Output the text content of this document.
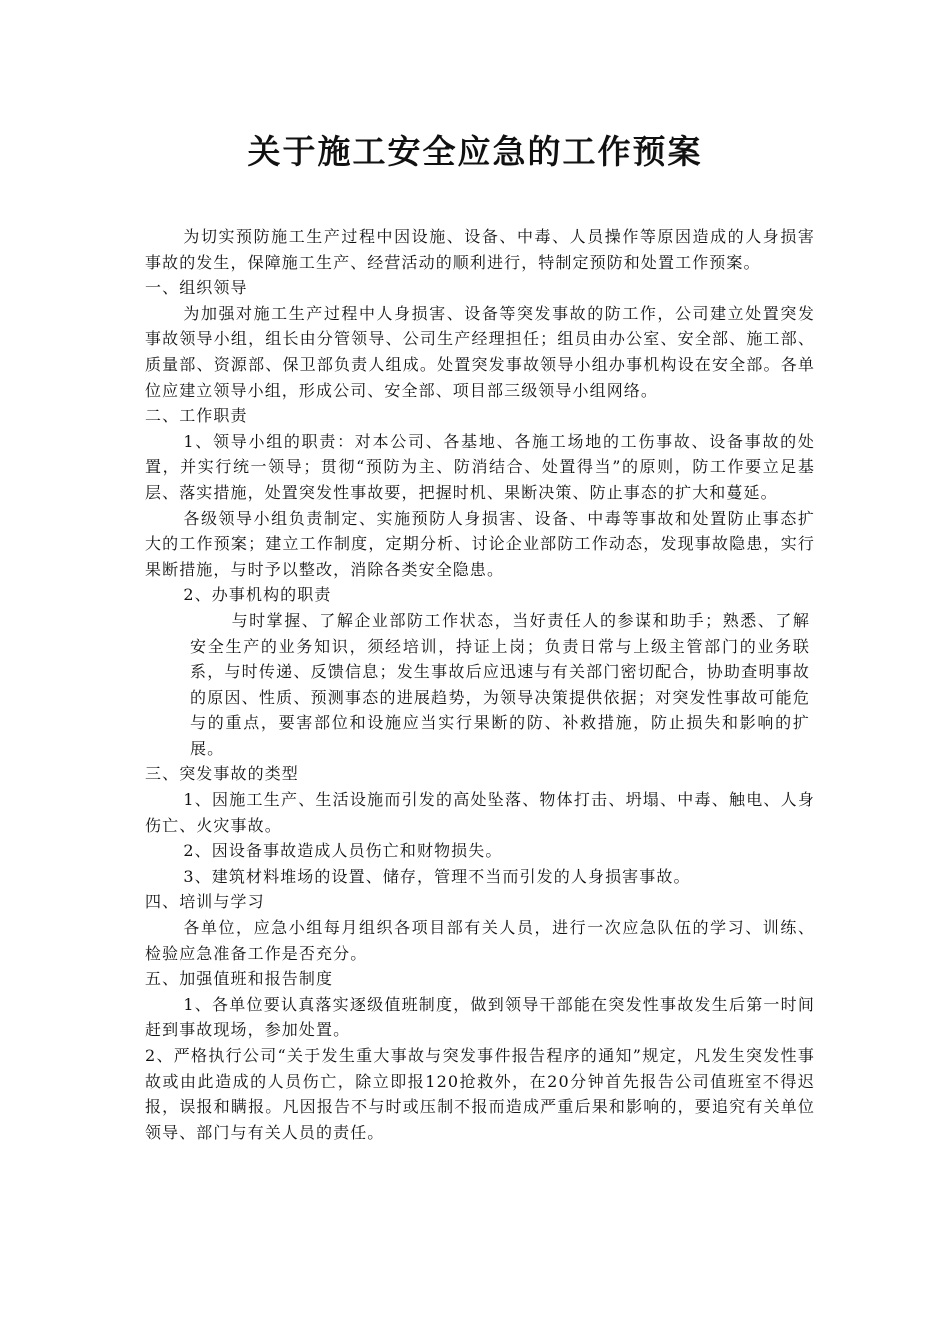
关于施工安全应急的工作预案

为切实预防施工生产过程中因设施、设备、中毒、人员操作等原因造成的人身损害事故的发生，保障施工生产、经营活动的顺利进行，特制定预防和处置工作预案。

一、组织领导

为加强对施工生产过程中人身损害、设备等突发事故的防工作，公司建立处置突发事故领导小组，组长由分管领导、公司生产经理担任；组员由办公室、安全部、施工部、质量部、资源部、保卫部负责人组成。处置突发事故领导小组办事机构设在安全部。各单位应建立领导小组，形成公司、安全部、项目部三级领导小组网络。

二、工作职责

1、领导小组的职责：对本公司、各基地、各施工场地的工伤事故、设备事故的处置，并实行统一领导；贯彻“预防为主、防消结合、处置得当”的原则，防工作要立足基层、落实措施，处置突发性事故要，把握时机、果断决策、防止事态的扩大和蔓延。

各级领导小组负责制定、实施预防人身损害、设备、中毒等事故和处置防止事态扩大的工作预案；建立工作制度，定期分析、讨论企业部防工作动态，发现事故隐患，实行果断措施，与时予以整改，消除各类安全隐患。

2、办事机构的职责

与时掌握、了解企业部防工作状态，当好责任人的参谋和助手；熟悉、了解安全生产的业务知识，须经培训，持证上岗；负责日常与上级主管部门的业务联系，与时传递、反馈信息；发生事故后应迅速与有关部门密切配合，协助查明事故的原因、性质、预测事态的进展趋势，为领导决策提供依据；对突发性事故可能危与的重点，要害部位和设施应当实行果断的防、补救措施，防止损失和影响的扩展。

三、突发事故的类型

1、因施工生产、生活设施而引发的高处坠落、物体打击、坍塌、中毒、触电、人身伤亡、火灾事故。

2、因设备事故造成人员伤亡和财物损失。

3、建筑材料堆场的设置、储存，管理不当而引发的人身损害事故。

四、培训与学习

各单位，应急小组每月组织各项目部有关人员，进行一次应急队伍的学习、训练、检验应急准备工作是否充分。

五、加强值班和报告制度

1、各单位要认真落实逐级值班制度，做到领导干部能在突发性事故发生后第一时间赶到事故现场，参加处置。

2、严格执行公司“关于发生重大事故与突发事件报告程序的通知”规定，凡发生突发性事故或由此造成的人员伤亡，除立即报120抢救外，在20分钟首先报告公司值班室不得迟报，误报和瞒报。凡因报告不与时或压制不报而造成严重后果和影响的，要追究有关单位领导、部门与有关人员的责任。
